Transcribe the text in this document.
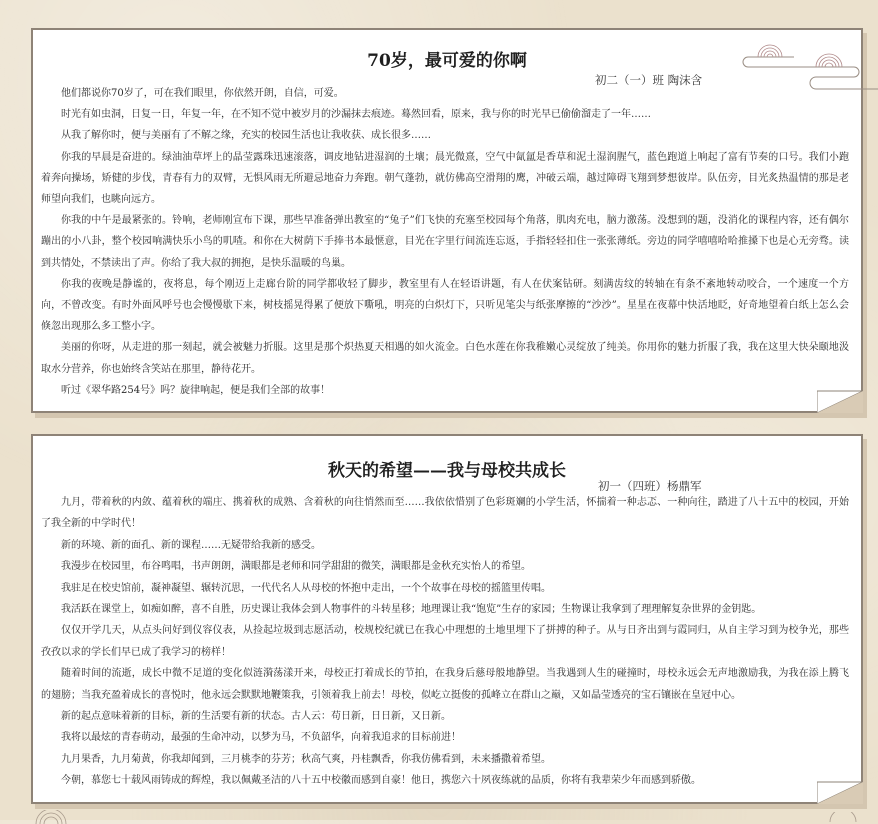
70岁，最可爱的你啊
初二（一）班 陶沫含

他们都说你70岁了，可在我们眼里，你依然开朗，自信，可爱。

时光有如虫洞，日复一日，年复一年，在不知不觉中被岁月的沙漏抹去痕迹。蓦然回看，原来，我与你的时光早已偷偷溜走了一年……

从我了解你时，便与美丽有了不解之缘，充实的校园生活也让我收获、成长很多……

你我的早晨是奋进的。绿油油草坪上的晶莹露珠迅速滚落，调皮地钻进湿润的土壤；晨光微熹，空气中氤氲是香草和泥土湿润腥气，蓝色跑道上响起了富有节奏的口号。我们小跑着奔向操场，矫健的步伐，青春有力的双臂，无惧风雨无所避忌地奋力奔跑。朝气蓬勃，就仿佛高空滑翔的鹰，冲破云端，越过障碍飞翔到梦想彼岸。队伍旁，目光炙热温情的那是老师望向我们，也眺向远方。

你我的中午是最紧张的。铃响，老师刚宣布下课，那些早准备弹出教室的“兔子”们飞快的充塞至校园每个角落，肌肉充电，脑力激荡。没想到的题，没消化的课程内容，还有偶尔蹦出的小八卦，整个校园响满快乐小鸟的叽喳。和你在大树荫下手捧书本最惬意，目光在字里行间流连忘返，手指轻轻扣住一张张薄纸。旁边的同学嘻嘻哈哈推搡下也是心无旁骛。读到共情处，不禁读出了声。你给了我大叔的拥抱，是快乐温暖的鸟巢。

你我的夜晚是静谧的，夜将息，每个刚迈上走廊台阶的同学都收轻了脚步，教室里有人在轻语讲题，有人在伏案钻研。刻满齿纹的转轴在有条不紊地转动咬合，一个速度一个方向，不曾改变。有时外面风呼号也会慢慢歇下来，树枝摇晃得累了便放下嘶吼，明亮的白炽灯下，只听见笔尖与纸张摩擦的“沙沙”。星星在夜幕中快活地眨，好奇地望着白纸上怎么会倏忽出现那么多工整小字。

美丽的你呀，从走进的那一刻起，就会被魅力折服。这里是那个炽热夏天相遇的如火流金。白色水莲在你我稚嫩心灵绽放了纯美。你用你的魅力折服了我，我在这里大快朵颐地汲取水分营养，你也始终含笑站在那里，静待花开。

听过《翠华路254号》吗？旋律响起，便是我们全部的故事！

秋天的希望——我与母校共成长
初一（四班）杨鼎军

九月，带着秋的内敛、蕴着秋的端庄、携着秋的成熟、含着秋的向往悄然而至……我依依惜别了色彩斑斓的小学生活，怀揣着一种忐忑、一种向往，踏进了八十五中的校园，开始了我全新的中学时代！

新的环境、新的面孔、新的课程……无疑带给我新的感受。

我漫步在校园里，布谷鸣唱，书声朗朗，满眼都是老师和同学甜甜的微笑，满眼都是金秋充实怡人的希望。

我驻足在校史馆前，凝神凝望、辗转沉思，一代代名人从母校的怀抱中走出，一个个故事在母校的摇篮里传唱。

我活跃在课堂上，如痴如醉，喜不自胜，历史课让我体会到人物事件的斗转星移；地理课让我“饱览”生存的家园；生物课让我拿到了理理解复杂世界的金钥匙。

仅仅开学几天，从点头问好到仪容仪表，从捡起垃圾到志愿活动，校规校纪就已在我心中理想的土地里埋下了拼搏的种子。从与日齐出到与霞同归，从自主学习到为校争光，那些孜孜以求的学长们早已成了我学习的榜样！

随着时间的流逝，成长中微不足道的变化似涟漪荡漾开来，母校正打着成长的节拍，在我身后慈母般地静望。当我遇到人生的碰撞时，母校永远会无声地激励我，为我在添上腾飞的翅膀；当我充盈着成长的喜悦时，他永远会默默地鞭策我，引领着我上前去！母校，似屹立挺俊的孤峰立在群山之巅，又如晶莹透亮的宝石镶嵌在皇冠中心。

新的起点意味着新的目标，新的生活要有新的状态。古人云：苟日新，日日新，又日新。

我将以最炫的青春萌动，最强的生命冲动，以梦为马，不负韶华，向着我追求的目标前进！

九月果香，九月菊黄，你我却闻到，三月桃李的芬芳；秋高气爽，丹桂飘香，你我仿佛看到，未来播撒着希望。

今朝，慕您七十载风雨铸成的辉煌，我以佩戴圣洁的八十五中校徽而感到自豪！他日，携您六十夙夜练就的品质，你将有我辈荣少年而感到骄傲。
